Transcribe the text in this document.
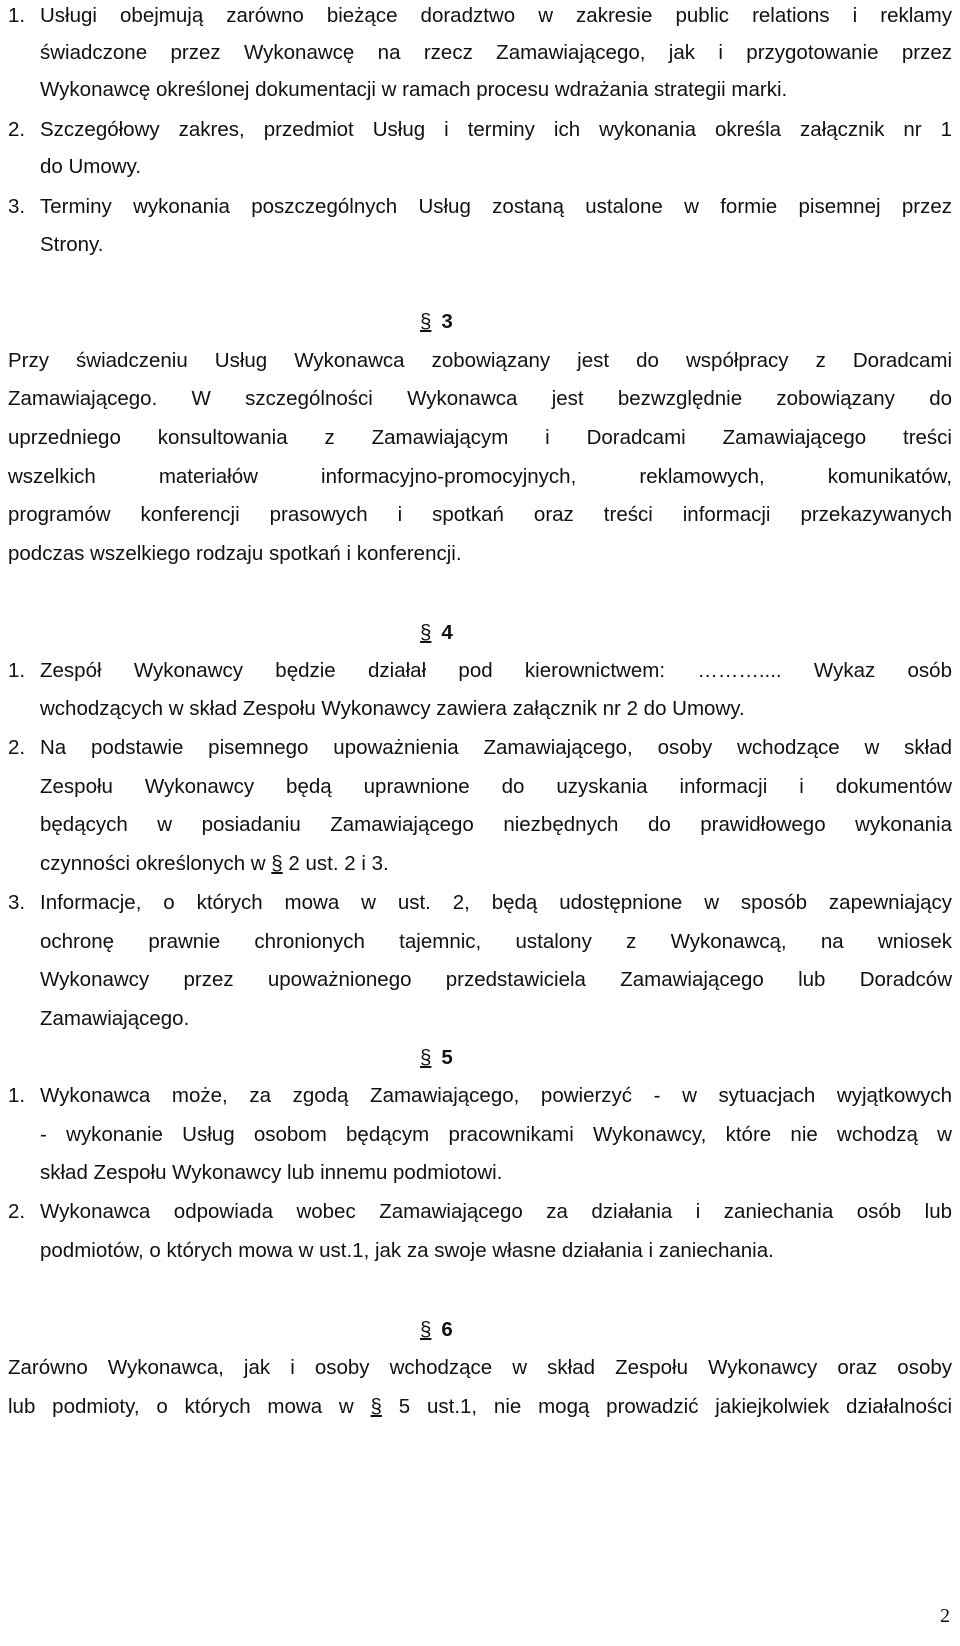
1. Usługi obejmują zarówno bieżące doradztwo w zakresie public relations i reklamy
świadczone przez Wykonawcę na rzecz Zamawiającego, jak i przygotowanie przez
Wykonawcę określonej dokumentacji w ramach procesu wdrażania strategii marki.
2. Szczegółowy zakres, przedmiot Usług i terminy ich wykonania określa załącznik nr 1
do Umowy.
3. Terminy wykonania poszczególnych Usług zostaną ustalone w formie pisemnej przez
Strony.
§ 3
Przy świadczeniu Usług Wykonawca zobowiązany jest do współpracy z Doradcami
Zamawiającego. W szczególności Wykonawca jest bezwzględnie zobowiązany do
uprzedniego konsultowania z Zamawiającym i Doradcami Zamawiającego treści
wszelkich materiałów informacyjno-promocyjnych, reklamowych, komunikatów,
programów konferencji prasowych i spotkań oraz treści informacji przekazywanych
podczas wszelkiego rodzaju spotkań i konferencji.
§ 4
1. Zespół Wykonawcy będzie działał pod kierownictwem: ……….... Wykaz osób
wchodzących w skład Zespołu Wykonawcy zawiera załącznik nr 2 do Umowy.
2. Na podstawie pisemnego upoważnienia Zamawiającego, osoby wchodzące w skład
Zespołu Wykonawcy będą uprawnione do uzyskania informacji i dokumentów
będących w posiadaniu Zamawiającego niezbędnych do prawidłowego wykonania
czynności określonych w § 2 ust. 2 i 3.
3. Informacje, o których mowa w ust. 2, będą udostępnione w sposób zapewniający
ochronę prawnie chronionych tajemnic, ustalony z Wykonawcą, na wniosek
Wykonawcy przez upoważnionego przedstawiciela Zamawiającego lub Doradców
Zamawiającego.
§ 5
1. Wykonawca może, za zgodą Zamawiającego, powierzyć - w sytuacjach wyjątkowych
- wykonanie Usług osobom będącym pracownikami Wykonawcy, które nie wchodzą w
skład Zespołu Wykonawcy lub innemu podmiotowi.
2. Wykonawca odpowiada wobec Zamawiającego za działania i zaniechania osób lub
podmiotów, o których mowa w ust.1, jak za swoje własne działania i zaniechania.
§ 6
Zarówno Wykonawca, jak i osoby wchodzące w skład Zespołu Wykonawcy oraz osoby
lub podmioty, o których mowa w § 5 ust.1, nie mogą prowadzić jakiejkolwiek działalności
2
